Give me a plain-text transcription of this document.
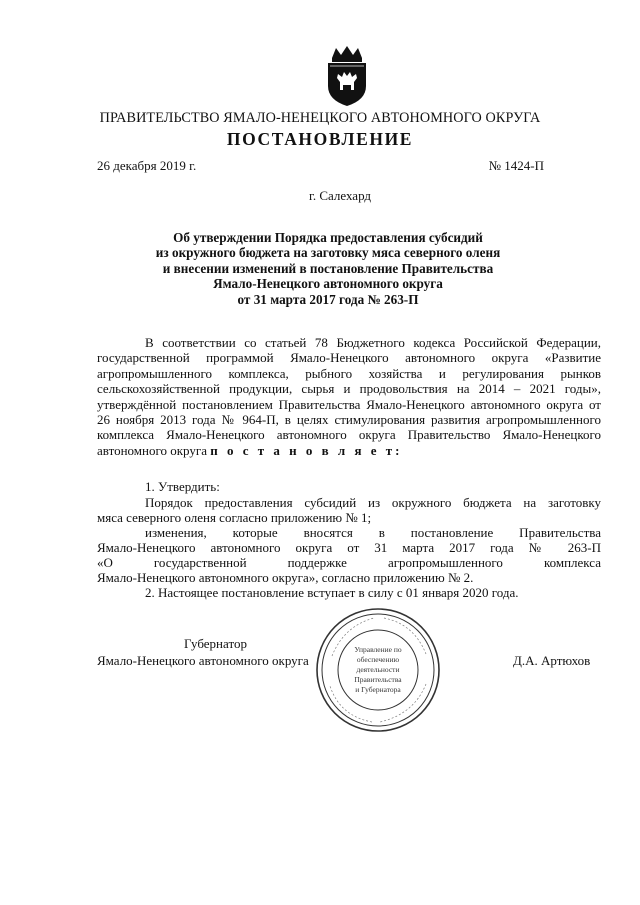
ПРАВИТЕЛЬСТВО ЯМАЛО-НЕНЕЦКОГО АВТОНОМНОГО ОКРУГА
ПОСТАНОВЛЕНИЕ
26 декабря 2019 г.	№ 1424-П
г. Салехард
Об утверждении Порядка предоставления субсидий
из окружного бюджета на заготовку мяса северного оленя
и внесении изменений в постановление Правительства
Ямало-Ненецкого автономного округа
от 31 марта 2017 года № 263-П
В соответствии со статьей 78 Бюджетного кодекса Российской Федерации, государственной программой Ямало-Ненецкого автономного округа «Развитие агропромышленного комплекса, рыбного хозяйства и регулирования рынков сельскохозяйственной продукции, сырья и продовольствия на 2014 – 2021 годы», утверждённой постановлением Правительства Ямало-Ненецкого автономного округа от 26 ноября 2013 года № 964-П, в целях стимулирования развития агропромышленного комплекса Ямало-Ненецкого автономного округа Правительство Ямало-Ненецкого автономного округа п о с т а н о в л я е т:
1. Утвердить:
Порядок предоставления субсидий из окружного бюджета на заготовку
мяса северного оленя согласно приложению № 1;
изменения, которые вносятся в постановление Правительства
Ямало-Ненецкого автономного округа от 31 марта 2017 года № 263-П
«О государственной поддержке агропромышленного комплекса
Ямало-Ненецкого автономного округа», согласно приложению № 2.
2. Настоящее постановление вступает в силу с 01 января 2020 года.
Губернатор
Ямало-Ненецкого автономного округа	Д.А. Артюхов
Управление по
обеспечению
деятельности
Правительства
и Губернатора
